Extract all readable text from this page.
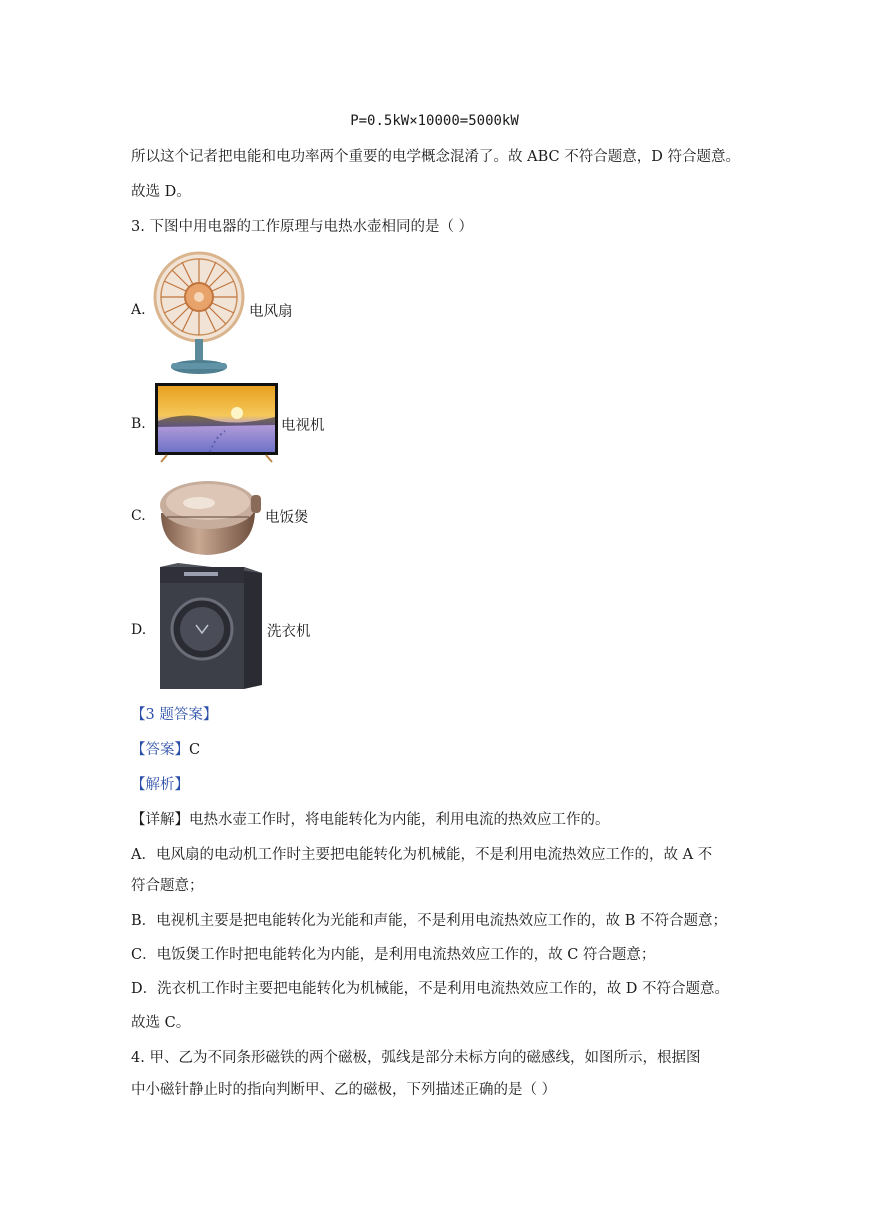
P=0.5kW×10000=5000kW
所以这个记者把电能和电功率两个重要的电学概念混淆了。故 ABC 不符合题意，D 符合题意。
故选 D。
3. 下图中用电器的工作原理与电热水壶相同的是（ ）
A.	电风扇
B.	电视机
C.	电饭煲
D.	洗衣机
【3 题答案】
【答案】C
【解析】
【详解】电热水壶工作时，将电能转化为内能，利用电流的热效应工作的。
A．电风扇的电动机工作时主要把电能转化为机械能，不是利用电流热效应工作的，故 A 不
符合题意；
B．电视机主要是把电能转化为光能和声能，不是利用电流热效应工作的，故 B 不符合题意；
C．电饭煲工作时把电能转化为内能，是利用电流热效应工作的，故 C 符合题意；
D．洗衣机工作时主要把电能转化为机械能，不是利用电流热效应工作的，故 D 不符合题意。
故选 C。
4. 甲、乙为不同条形磁铁的两个磁极，弧线是部分未标方向的磁感线，如图所示，根据图
中小磁针静止时的指向判断甲、乙的磁极，下列描述正确的是（ ）
